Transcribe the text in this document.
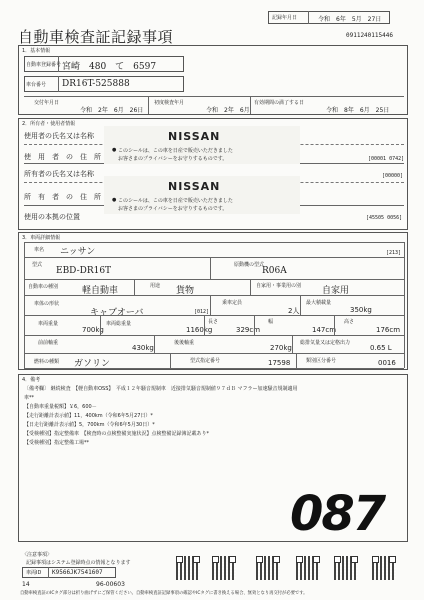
記録年月日	令和　6年　5月　27日
自動車検査証記録事項	0911240115446
1．基本情報
自動車登録番号 宮崎　480　て　6597
車台番号 DR16T-525888
交付年月日
令和　2年　6月　26日
初度検査年月
令和　2年　6月
有効期間の満了する日
令和　8年　6月　25日
2．所有者・使用者情報
使用者の氏名又は名称
使　用　者　の　住　所	[00001 0742]
所有者の氏名又は名称	[00000]
所　有　者　の　住　所
使用の本拠の位置	[45505 0056]
NISSAN
● このシールは、この車を日産で販売いただきました
お客さまのプライバシーをお守りするものです。
NISSAN
● このシールは、この車を日産で販売いただきました
お客さまのプライバシーをお守りするものです。
3．車両詳細情報
車名 ニッサン	[213]
型式
EBD-DR16T
原動機の型式
R06A
自動車の種別	軽自動車	用途 貨物	自家用・事業用の別 自家用
車体の形状
キャブオーバ	[012]
乗車定員
2人
最大積載量
350kg
車両重量
700kg
車両総重量
1160kg
長さ
329cm
幅
147cm
高さ
176cm
前前軸重
430kg
後後軸重
270kg
総排気量又は定格出力
0.65 L
燃料の種類 ガソリン	型式指定番号	17598	類別区分番号	0016
4．備考
〔備考欄〕 継続検査　【軽自動車OSS】　平成１２年騒音規制車　近接排気騒音規制値９７ｄＢ マフラー加速騒音規制適用
車**
【自動車重量税額】￥6，600－
【走行距離計表示値】11，400km（令和6年5月27日）*
【日走行距離計表示値】5，700km（令和6年5月30日）*
【受検種別】指定整備車　【検査時の点検整備実施状況】点検整備記録簿記載あり*
【受検種別】指定整備工場**
087
〈注意事項〉
記録事項はシステム登録時点の情報となります
車両ID K9566JK7541607
14	96-00603
自動車検査証のICタグ部分は折り曲げずにご保管ください。自動車検査証記録事項の確認やICタグに書き換える場合、無効となり再交付が必要です。
